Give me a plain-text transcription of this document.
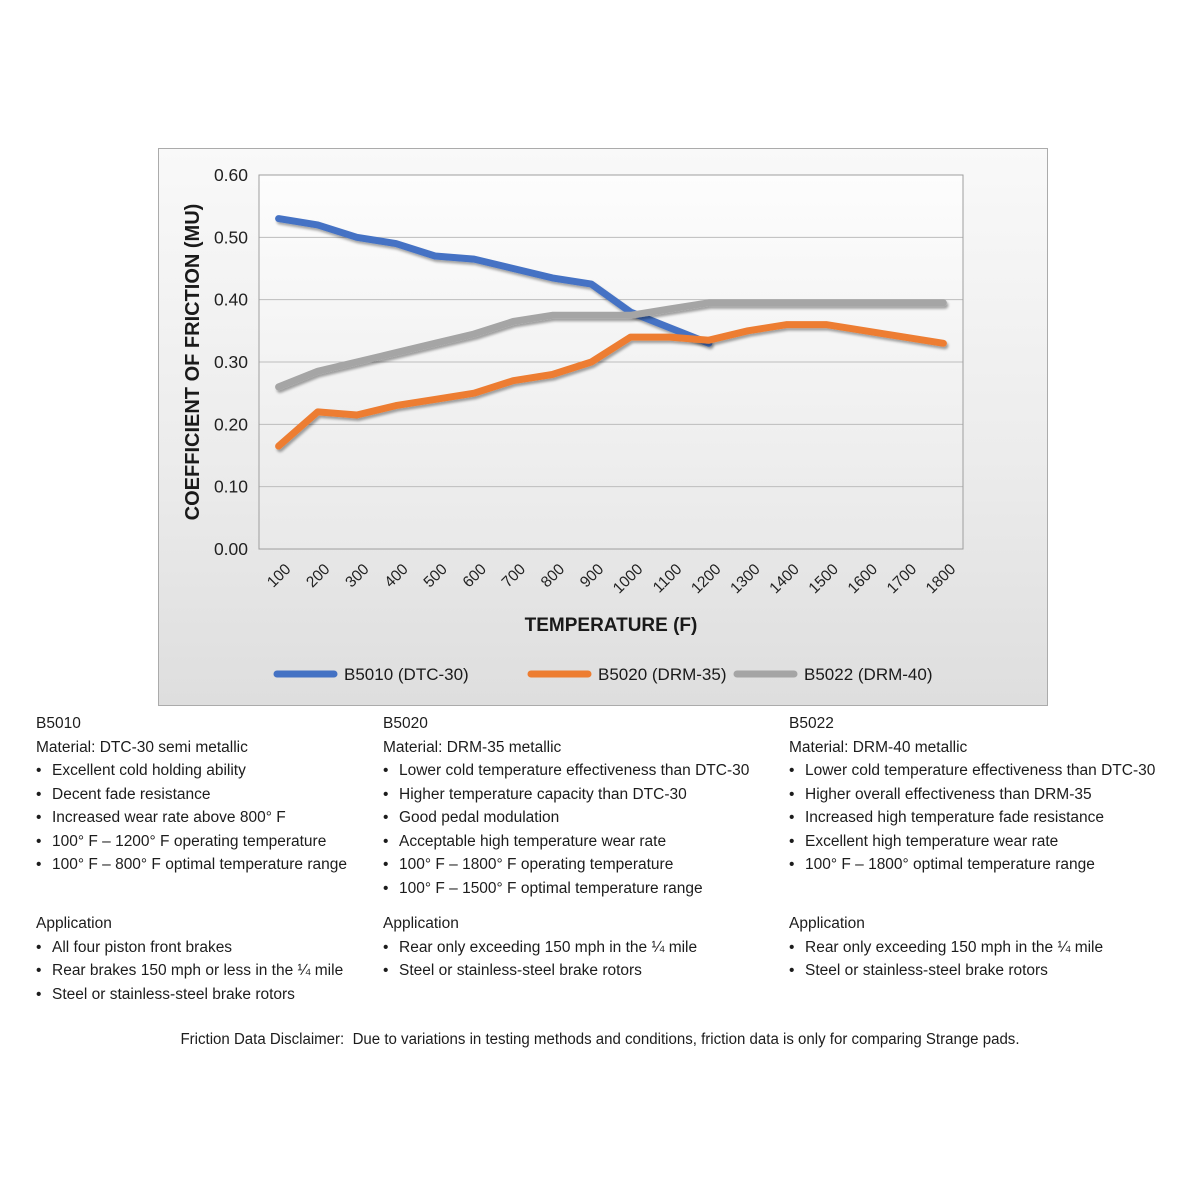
0.00
0.10
0.20
0.30
0.40
0.50
0.60
100 200 300 400 500 600 700 800 900 1000 1100 1200 1300 1400 1500 1600 1700 1800
TEMPERATURE (F)
COEFFICIENT OF FRICTION (MU)
B5010 (DTC-30)	B5020 (DRM-35)	B5022 (DRM-40)
B5010
Material: DTC-30 semi metallic
• Excellent cold holding ability
• Decent fade resistance
• Increased wear rate above 800° F
• 100° F – 1200° F operating temperature
• 100° F – 800° F optimal temperature range
Application
• All four piston front brakes
• Rear brakes 150 mph or less in the ¼ mile
• Steel or stainless-steel brake rotors
B5020
Material: DRM-35 metallic
• Lower cold temperature effectiveness than DTC-30
• Higher temperature capacity than DTC-30
• Good pedal modulation
• Acceptable high temperature wear rate
• 100° F – 1800° F operating temperature
• 100° F – 1500° F optimal temperature range
Application
• Rear only exceeding 150 mph in the ¼ mile
• Steel or stainless-steel brake rotors
B5022
Material: DRM-40 metallic
• Lower cold temperature effectiveness than DTC-30
• Higher overall effectiveness than DRM-35
• Increased high temperature fade resistance
• Excellent high temperature wear rate
• 100° F – 1800° optimal temperature range
Application
• Rear only exceeding 150 mph in the ¼ mile
• Steel or stainless-steel brake rotors
Friction Data Disclaimer:  Due to variations in testing methods and conditions, friction data is only for comparing Strange pads.
